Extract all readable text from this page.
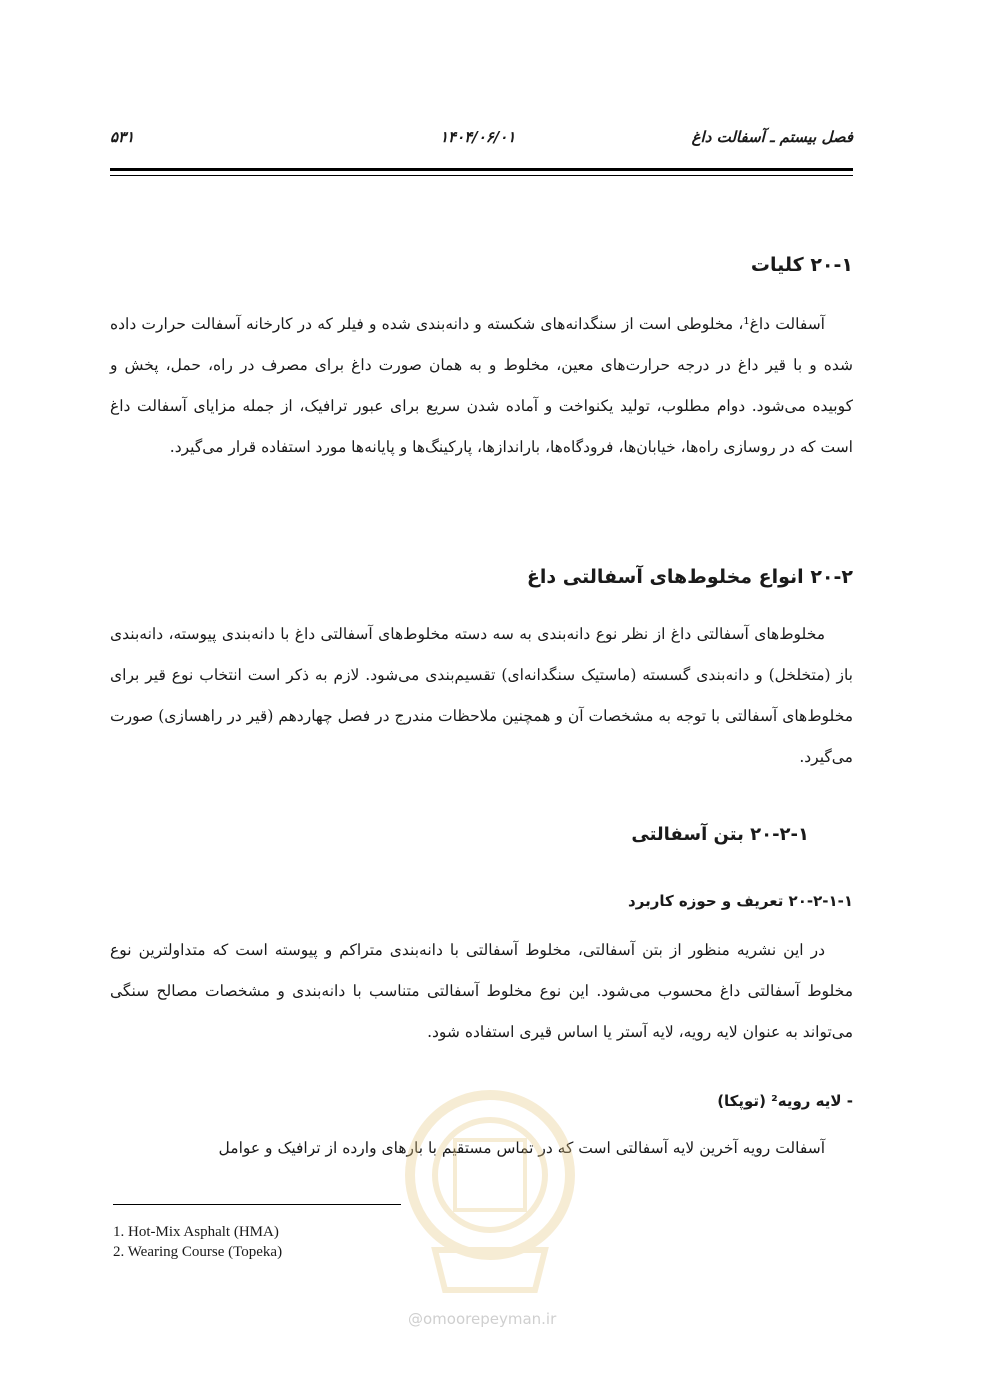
فصل بیستم ـ آسفالت داغ
۱۴۰۴/۰۶/۰۱
۵۳۱
۲۰-۱ کلیات

آسفالت داغ¹، مخلوطی است از سنگدانه‌های شکسته و دانه‌بندی شده و فیلر که در کارخانه آسفالت حرارت داده شده و با قیر داغ در درجه حرارت‌های معین، مخلوط و به همان صورت داغ برای مصرف در راه، حمل، پخش و کوبیده می‌شود. دوام مطلوب، تولید یکنواخت و آماده شدن سریع برای عبور ترافیک، از جمله مزایای آسفالت داغ است که در روسازی راه‌ها، خیابان‌ها، فرودگاه‌ها، باراندازها، پارکینگ‌ها و پایانه‌ها مورد استفاده قرار می‌گیرد.

۲۰-۲ انواع مخلوط‌های آسفالتی داغ

مخلوط‌های آسفالتی داغ از نظر نوع دانه‌بندی به سه دسته مخلوط‌های آسفالتی داغ با دانه‌بندی پیوسته، دانه‌بندی باز (متخلخل) و دانه‌بندی گسسته (ماستیک سنگدانه‌ای) تقسیم‌بندی می‌شود. لازم به ذکر است انتخاب نوع قیر برای مخلوط‌های آسفالتی با توجه به مشخصات آن و همچنین ملاحظات مندرج در فصل چهاردهم (قیر در راهسازی) صورت می‌گیرد.

۲۰-۲-۱ بتن آسفالتی
۲۰-۲-۱-۱ تعریف و حوزه کاربرد

در این نشریه منظور از بتن آسفالتی، مخلوط آسفالتی با دانه‌بندی متراکم و پیوسته است که متداولترین نوع مخلوط آسفالتی داغ محسوب می‌شود. این نوع مخلوط آسفالتی متناسب با دانه‌بندی و مشخصات مصالح سنگی می‌تواند به عنوان لایه رویه، لایه آستر یا اساس قیری استفاده شود.

- لایه رویه² (توپکا)

آسفالت رویه آخرین لایه آسفالتی است که در تماس مستقیم با بارهای وارده از ترافیک و عوامل

1. Hot-Mix Asphalt (HMA)
2. Wearing Course (Topeka)
@omoorepeyman.ir
